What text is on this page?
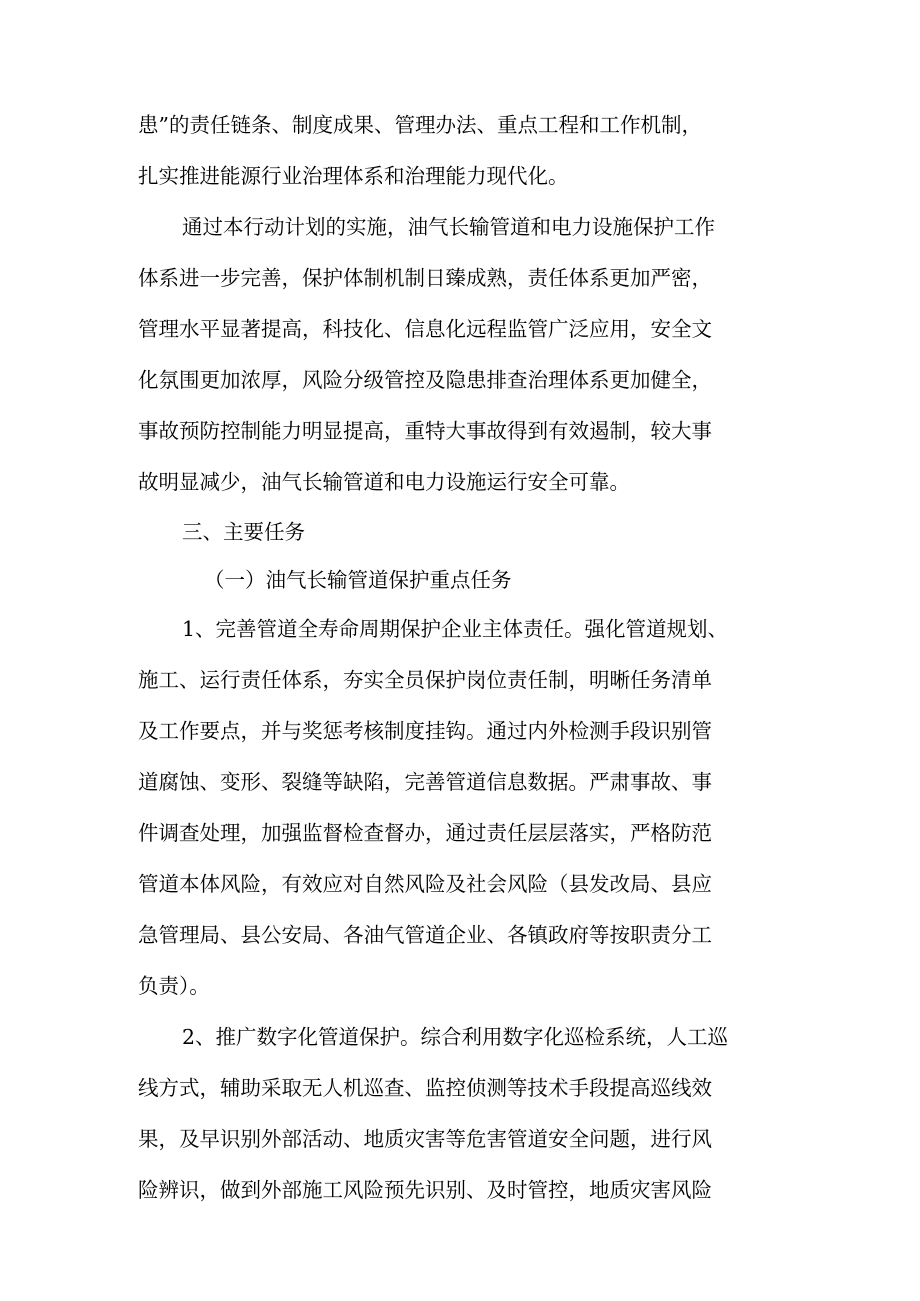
患”的责任链条、制度成果、管理办法、重点工程和工作机制，
扎实推进能源行业治理体系和治理能力现代化。
通过本行动计划的实施，油气长输管道和电力设施保护工作
体系进一步完善，保护体制机制日臻成熟，责任体系更加严密，
管理水平显著提高，科技化、信息化远程监管广泛应用，安全文
化氛围更加浓厚，风险分级管控及隐患排查治理体系更加健全，
事故预防控制能力明显提高，重特大事故得到有效遏制，较大事
故明显减少，油气长输管道和电力设施运行安全可靠。
三、主要任务
（一）油气长输管道保护重点任务
1、完善管道全寿命周期保护企业主体责任。强化管道规划、
施工、运行责任体系，夯实全员保护岗位责任制，明晰任务清单
及工作要点，并与奖惩考核制度挂钩。通过内外检测手段识别管
道腐蚀、变形、裂缝等缺陷，完善管道信息数据。严肃事故、事
件调查处理，加强监督检查督办，通过责任层层落实，严格防范
管道本体风险，有效应对自然风险及社会风险（县发改局、县应
急管理局、县公安局、各油气管道企业、各镇政府等按职责分工
负责）。
2、推广数字化管道保护。综合利用数字化巡检系统，人工巡
线方式，辅助采取无人机巡查、监控侦测等技术手段提高巡线效
果，及早识别外部活动、地质灾害等危害管道安全问题，进行风
险辨识，做到外部施工风险预先识别、及时管控，地质灾害风险
